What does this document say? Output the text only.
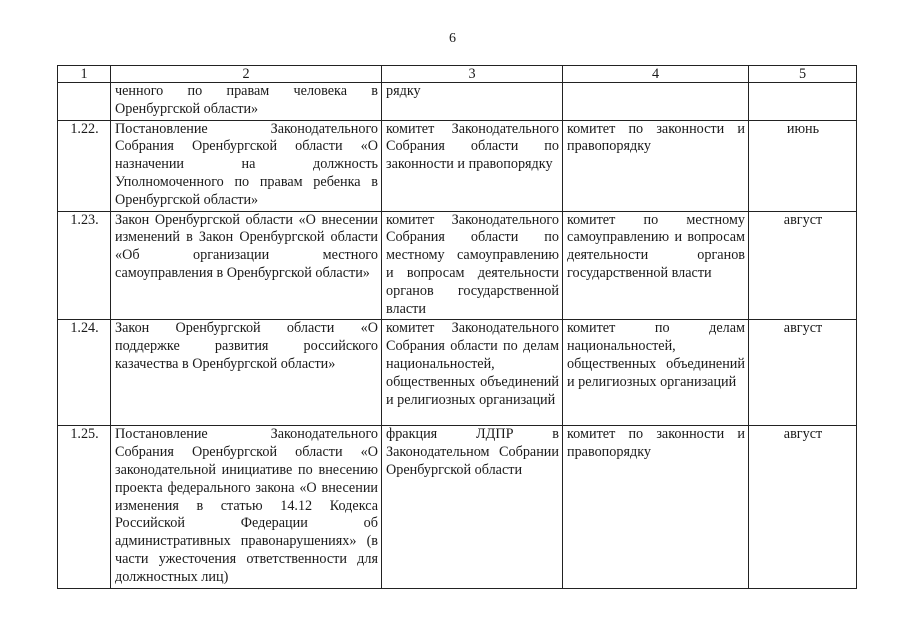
6
1	2	3	4	5
	ченного по правам человека в Оренбургской области»	рядку		
1.22.	Постановление Законодательного Собрания Оренбургской области «О назначении на должность Уполномоченного по правам ребенка в Оренбургской области»	комитет Законодательного Собрания области по законности и правопорядку	комитет по законности и правопорядку	июнь
1.23.	Закон Оренбургской области «О внесении изменений в Закон Оренбургской области «Об организации местного самоуправления в Оренбургской области»	комитет Законодательного Собрания области по местному самоуправлению и вопросам деятельности органов государственной власти	комитет по местному самоуправлению и вопросам деятельности органов государственной власти	август
1.24.	Закон Оренбургской области «О поддержке развития российского казачества в Оренбургской области»	комитет Законодательного Собрания области по делам национальностей, общественных объединений и религиозных организаций	комитет по делам национальностей, общественных объединений и религиозных организаций	август
1.25.	Постановление Законодательного Собрания Оренбургской области «О законодательной инициативе по внесению проекта федерального закона «О внесении изменения в статью 14.12 Кодекса Российской Федерации об административных правонарушениях» (в части ужесточения ответственности для должностных лиц)	фракция ЛДПР в Законодательном Собрании Оренбургской области	комитет по законности и правопорядку	август
